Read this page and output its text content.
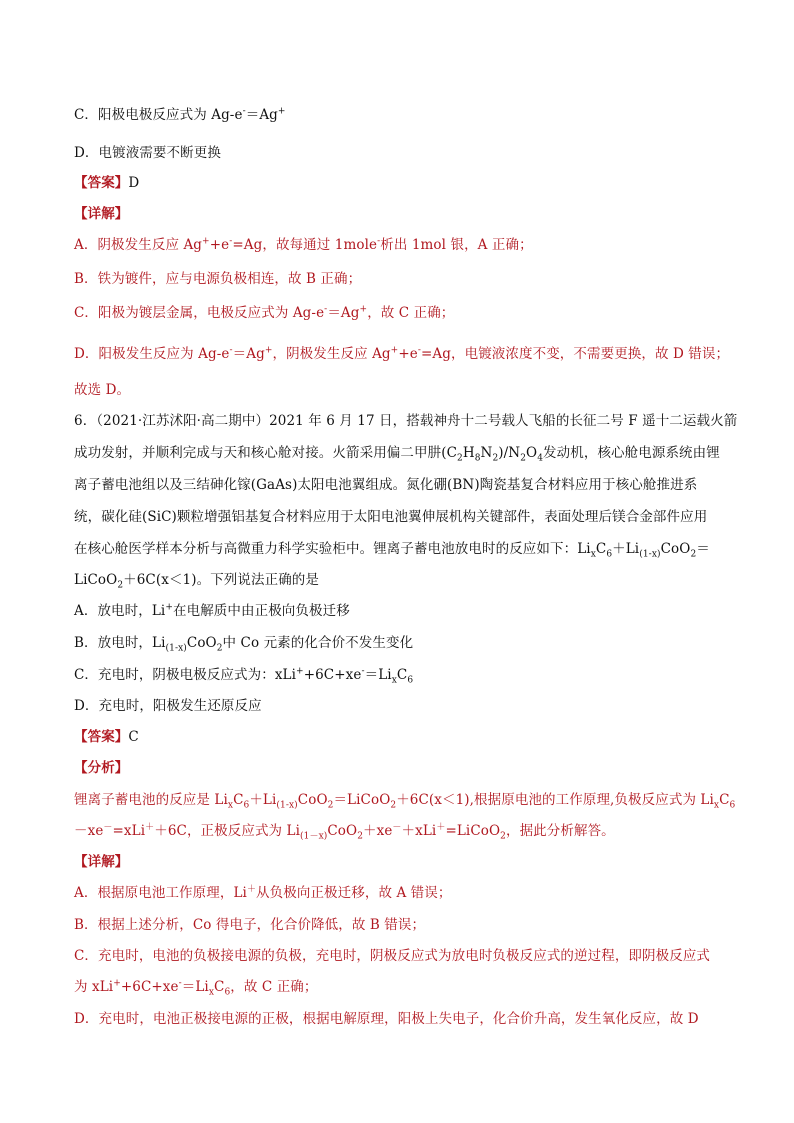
C．阳极电极反应式为 Ag-e-＝Ag+

D．电镀液需要不断更换

【答案】D

【详解】

A．阴极发生反应 Ag++e-=Ag，故每通过 1mole-析出 1mol 银，A 正确；

B．铁为镀件，应与电源负极相连，故 B 正确；

C．阳极为镀层金属，电极反应式为 Ag-e-＝Ag+，故 C 正确；

D．阳极发生反应为 Ag-e-＝Ag+，阴极发生反应 Ag++e-=Ag，电镀液浓度不变，不需要更换，故 D 错误；

故选 D。

6．（2021·江苏沭阳·高二期中）2021 年 6 月 17 日，搭载神舟十二号载人飞船的长征二号 F 遥十二运载火箭

成功发射，并顺利完成与天和核心舱对接。火箭采用偏二甲肼$(C_2H_8N_2)/N_2O_4$发动机，核心舱电源系统由锂

离子蓄电池组以及三结砷化镓(GaAs)太阳电池翼组成。氮化硼(BN)陶瓷基复合材料应用于核心舱推进系

统，碳化硅(SiC)颗粒增强铝基复合材料应用于太阳电池翼伸展机构关键部件，表面处理后镁合金部件应用

在核心舱医学样本分析与高微重力科学实验柜中。锂离子蓄电池放电时的反应如下：$Li_xC_6+Li_{(1-x)}CoO_2=$

LiCoO$_2$＋6C(x＜1)。下列说法正确的是

A．放电时，Li+在电解质中由正极向负极迁移

B．放电时，$Li_{(1-x)}CoO_2$中 Co 元素的化合价不发生变化

C．充电时，阴极电极反应式为：$xLi^++6C+xe^-=Li_xC_6$

D．充电时，阳极发生还原反应

【答案】C

【分析】

锂离子蓄电池的反应是 $Li_xC_6+Li_{(1-x)}CoO_2=LiCoO_2+6C(x<1)$,根据原电池的工作原理,负极反应式为 $Li_xC_6$

－xe－=xLi＋＋6C，正极反应式为 $Li_{(1-x)}CoO_2+xe^-+xLi^+=LiCoO_2$，据此分析解答。

【详解】

A．根据原电池工作原理，Li＋从负极向正极迁移，故 A 错误；

B．根据上述分析，Co 得电子，化合价降低，故 B 错误；

C．充电时，电池的负极接电源的负极，充电时，阴极反应式为放电时负极反应式的逆过程，即阴极反应式

为 $xLi^++6C+xe^-=Li_xC_6$，故 C 正确；

D．充电时，电池正极接电源的正极，根据电解原理，阳极上失电子，化合价升高，发生氧化反应，故 D
